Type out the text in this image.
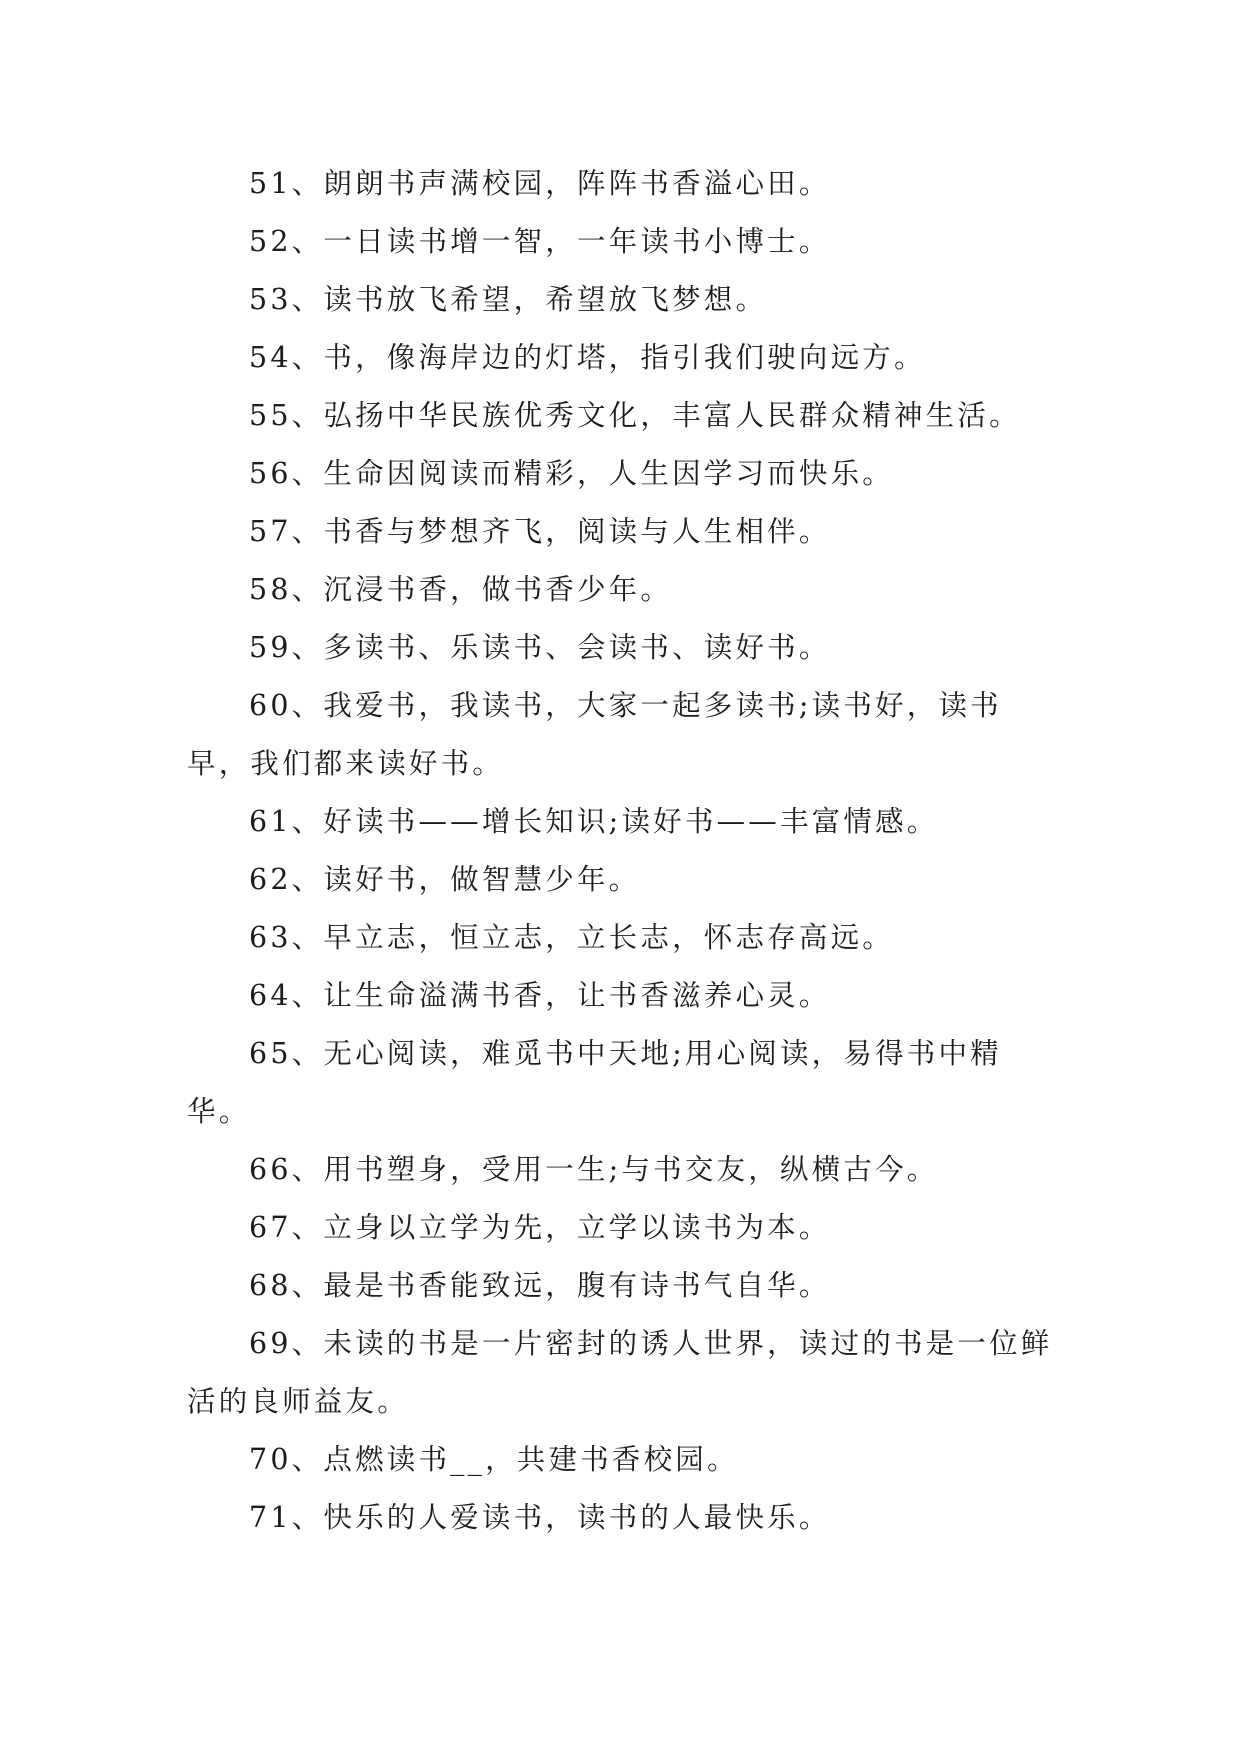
51、朗朗书声满校园，阵阵书香溢心田。

52、一日读书增一智，一年读书小博士。

53、读书放飞希望，希望放飞梦想。

54、书，像海岸边的灯塔，指引我们驶向远方。

55、弘扬中华民族优秀文化，丰富人民群众精神生活。

56、生命因阅读而精彩，人生因学习而快乐。

57、书香与梦想齐飞，阅读与人生相伴。

58、沉浸书香，做书香少年。

59、多读书、乐读书、会读书、读好书。

60、我爱书，我读书，大家一起多读书;读书好，读书早，我们都来读好书。

61、好读书——增长知识;读好书——丰富情感。

62、读好书，做智慧少年。

63、早立志，恒立志，立长志，怀志存高远。

64、让生命溢满书香，让书香滋养心灵。

65、无心阅读，难觅书中天地;用心阅读，易得书中精华。

66、用书塑身，受用一生;与书交友，纵横古今。

67、立身以立学为先，立学以读书为本。

68、最是书香能致远，腹有诗书气自华。

69、未读的书是一片密封的诱人世界，读过的书是一位鲜活的良师益友。

70、点燃读书__，共建书香校园。

71、快乐的人爱读书，读书的人最快乐。
